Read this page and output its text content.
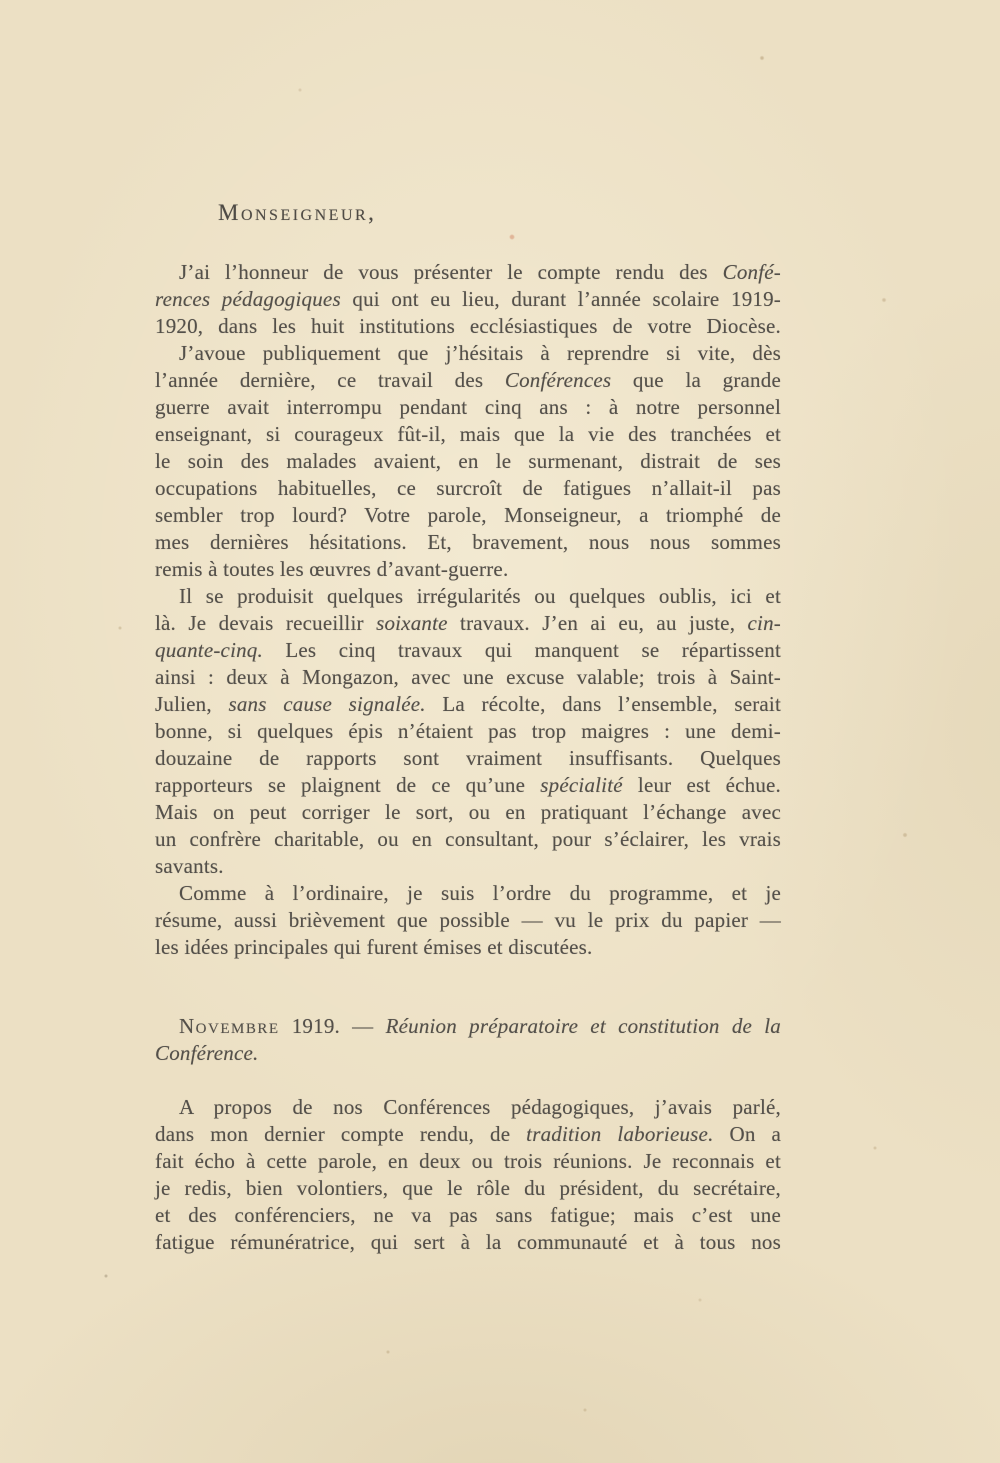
Monseigneur,
J’ai l’honneur de vous présenter le compte rendu des Confé-
rences pédagogiques qui ont eu lieu, durant l’année scolaire 1919-
1920, dans les huit institutions ecclésiastiques de votre Diocèse.
J’avoue publiquement que j’hésitais à reprendre si vite, dès
l’année dernière, ce travail des Conférences que la grande
guerre avait interrompu pendant cinq ans : à notre personnel
enseignant, si courageux fût-il, mais que la vie des tranchées et
le soin des malades avaient, en le surmenant, distrait de ses
occupations habituelles, ce surcroît de fatigues n’allait-il pas
sembler trop lourd? Votre parole, Monseigneur, a triomphé de
mes dernières hésitations. Et, bravement, nous nous sommes
remis à toutes les œuvres d’avant-guerre.
Il se produisit quelques irrégularités ou quelques oublis, ici et
là. Je devais recueillir soixante travaux. J’en ai eu, au juste, cin-
quante-cinq. Les cinq travaux qui manquent se répartissent
ainsi : deux à Mongazon, avec une excuse valable; trois à Saint-
Julien, sans cause signalée. La récolte, dans l’ensemble, serait
bonne, si quelques épis n’étaient pas trop maigres : une demi-
douzaine de rapports sont vraiment insuffisants. Quelques
rapporteurs se plaignent de ce qu’une spécialité leur est échue.
Mais on peut corriger le sort, ou en pratiquant l’échange avec
un confrère charitable, ou en consultant, pour s’éclairer, les vrais
savants.
Comme à l’ordinaire, je suis l’ordre du programme, et je
résume, aussi brièvement que possible — vu le prix du papier —
les idées principales qui furent émises et discutées.
Novembre 1919. — Réunion préparatoire et constitution de la
Conférence.
A propos de nos Conférences pédagogiques, j’avais parlé,
dans mon dernier compte rendu, de tradition laborieuse. On a
fait écho à cette parole, en deux ou trois réunions. Je reconnais et
je redis, bien volontiers, que le rôle du président, du secrétaire,
et des conférenciers, ne va pas sans fatigue; mais c’est une
fatigue rémunératrice, qui sert à la communauté et à tous nos
